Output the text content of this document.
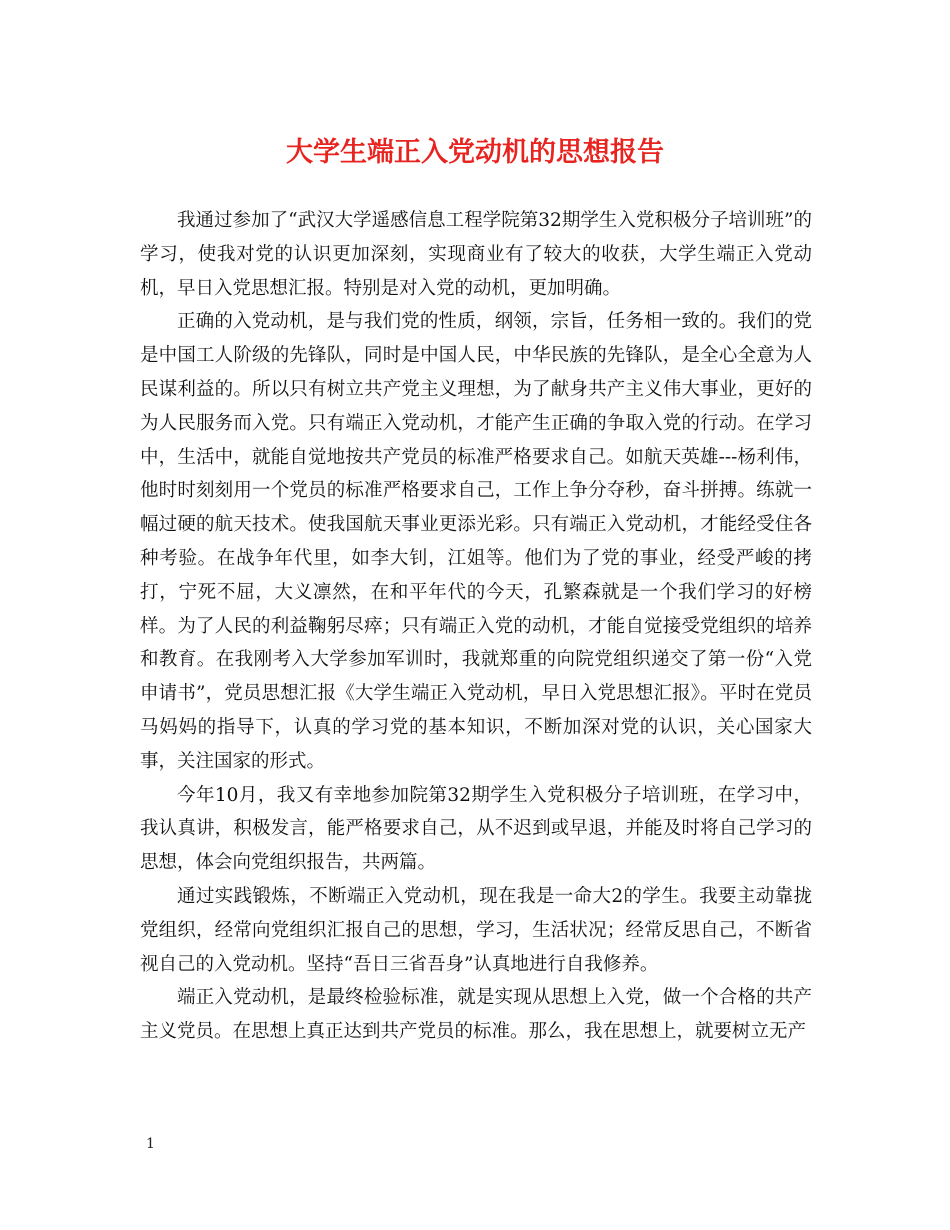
大学生端正入党动机的思想报告

我通过参加了“武汉大学遥感信息工程学院第32期学生入党积极分子培训班”的学习，使我对党的认识更加深刻，实现商业有了较大的收获，大学生端正入党动机，早日入党思想汇报。特别是对入党的动机，更加明确。

正确的入党动机，是与我们党的性质，纲领，宗旨，任务相一致的。我们的党是中国工人阶级的先锋队，同时是中国人民，中华民族的先锋队，是全心全意为人民谋利益的。所以只有树立共产党主义理想，为了献身共产主义伟大事业，更好的为人民服务而入党。只有端正入党动机，才能产生正确的争取入党的行动。在学习中，生活中，就能自觉地按共产党员的标准严格要求自己。如航天英雄---杨利伟，他时时刻刻用一个党员的标准严格要求自己，工作上争分夺秒，奋斗拼搏。练就一幅过硬的航天技术。使我国航天事业更添光彩。只有端正入党动机，才能经受住各种考验。在战争年代里，如李大钊，江姐等。他们为了党的事业，经受严峻的拷打，宁死不屈，大义凛然，在和平年代的今天，孔繁森就是一个我们学习的好榜样。为了人民的利益鞠躬尽瘁；只有端正入党的动机，才能自觉接受党组织的培养和教育。在我刚考入大学参加军训时，我就郑重的向院党组织递交了第一份“入党申请书”，党员思想汇报《大学生端正入党动机，早日入党思想汇报》。平时在党员马妈妈的指导下，认真的学习党的基本知识，不断加深对党的认识，关心国家大事，关注国家的形式。

今年10月，我又有幸地参加院第32期学生入党积极分子培训班，在学习中，我认真讲，积极发言，能严格要求自己，从不迟到或早退，并能及时将自己学习的思想，体会向党组织报告，共两篇。

通过实践锻炼，不断端正入党动机，现在我是一命大2的学生。我要主动靠拢党组织，经常向党组织汇报自己的思想，学习，生活状况；经常反思自己，不断省视自己的入党动机。坚持“吾日三省吾身”认真地进行自我修养。

端正入党动机，是最终检验标准，就是实现从思想上入党，做一个合格的共产主义党员。在思想上真正达到共产党员的标准。那么，我在思想上，就要树立无产

1
